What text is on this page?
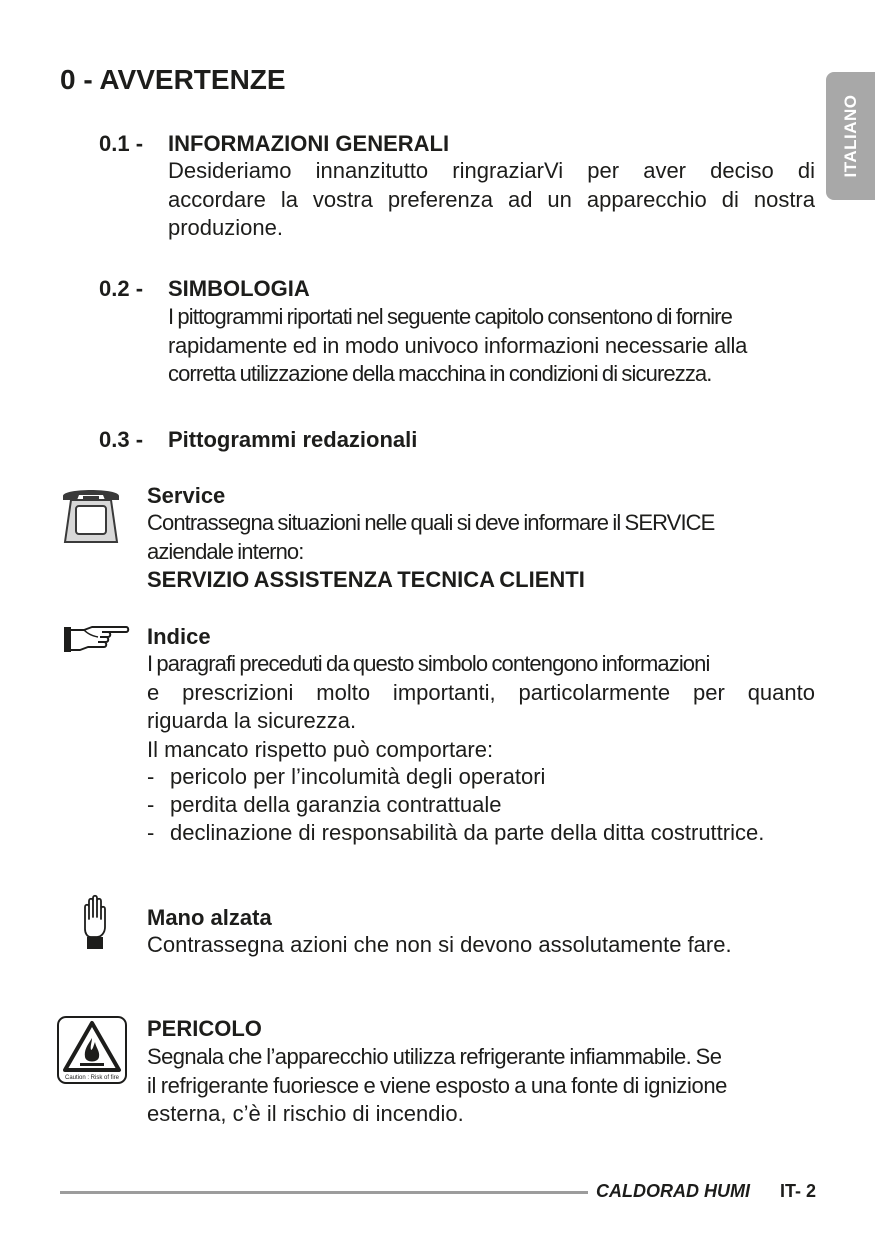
ITALIANO
0 - AVVERTENZE
0.1 - INFORMAZIONI GENERALI
Desideriamo innanzitutto ringraziarVi per aver deciso di
accordare la vostra preferenza ad un apparecchio di nostra
produzione.
0.2 - SIMBOLOGIA
I pittogrammi riportati nel seguente capitolo consentono di fornire
rapidamente ed in modo univoco informazioni necessarie alla
corretta utilizzazione della macchina in condizioni di sicurezza.
0.3 - Pittogrammi redazionali
Service
Contrassegna situazioni nelle quali si deve informare il SERVICE
aziendale interno:
SERVIZIO ASSISTENZA TECNICA CLIENTI
Indice
I paragrafi preceduti da questo simbolo contengono informazioni
e prescrizioni molto importanti, particolarmente per quanto
riguarda la sicurezza.
Il mancato rispetto può comportare:
- pericolo per l’incolumità degli operatori
- perdita della garanzia contrattuale
- declinazione di responsabilità da parte della ditta costruttrice.
Mano alzata
Contrassegna azioni che non si devono assolutamente fare.
Caution : Risk of fire
PERICOLO
Segnala che l’apparecchio utilizza refrigerante infiammabile. Se
il refrigerante fuoriesce e viene esposto a una fonte di ignizione
esterna, c’è il rischio di incendio.
CALDORAD HUMI IT- 2
